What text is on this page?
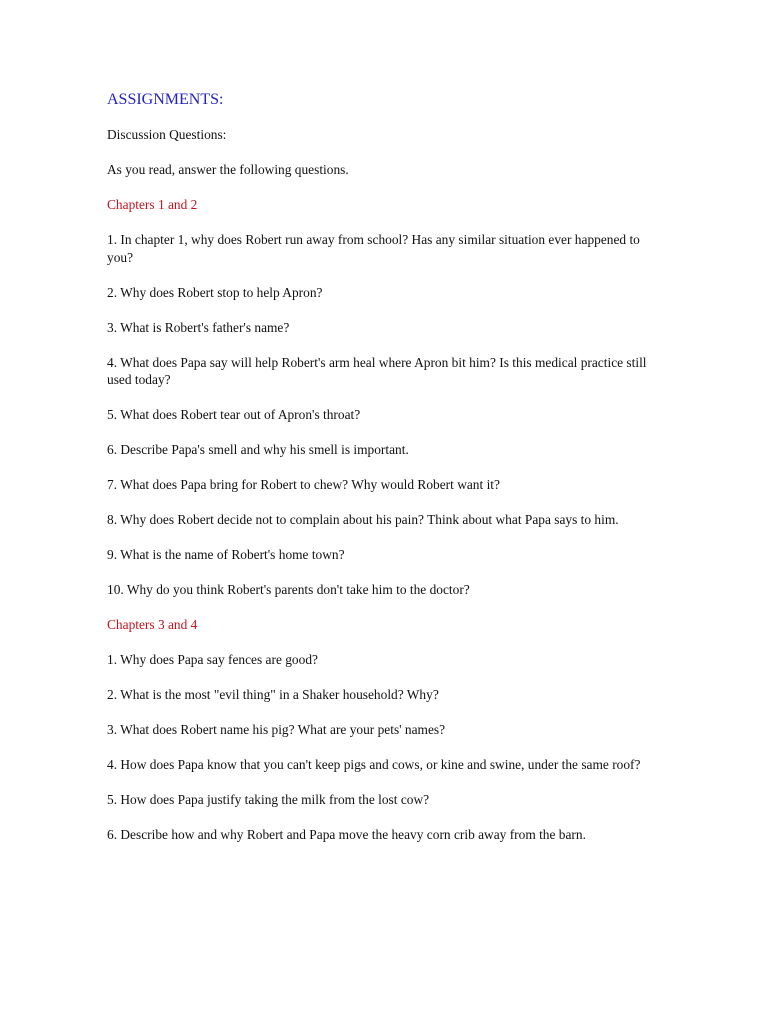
ASSIGNMENTS:
Discussion Questions:
As you read, answer the following questions.
Chapters 1 and 2
1. In chapter 1, why does Robert run away from school? Has any similar situation ever happened to you?
2. Why does Robert stop to help Apron?
3. What is Robert's father's name?
4. What does Papa say will help Robert's arm heal where Apron bit him? Is this medical practice still used today?
5. What does Robert tear out of Apron's throat?
6. Describe Papa's smell and why his smell is important.
7. What does Papa bring for Robert to chew? Why would Robert want it?
8. Why does Robert decide not to complain about his pain? Think about what Papa says to him.
9. What is the name of Robert's home town?
10. Why do you think Robert's parents don't take him to the doctor?
Chapters 3 and 4
1. Why does Papa say fences are good?
2. What is the most "evil thing" in a Shaker household? Why?
3. What does Robert name his pig? What are your pets' names?
4. How does Papa know that you can't keep pigs and cows, or kine and swine, under the same roof?
5. How does Papa justify taking the milk from the lost cow?
6. Describe how and why Robert and Papa move the heavy corn crib away from the barn.
